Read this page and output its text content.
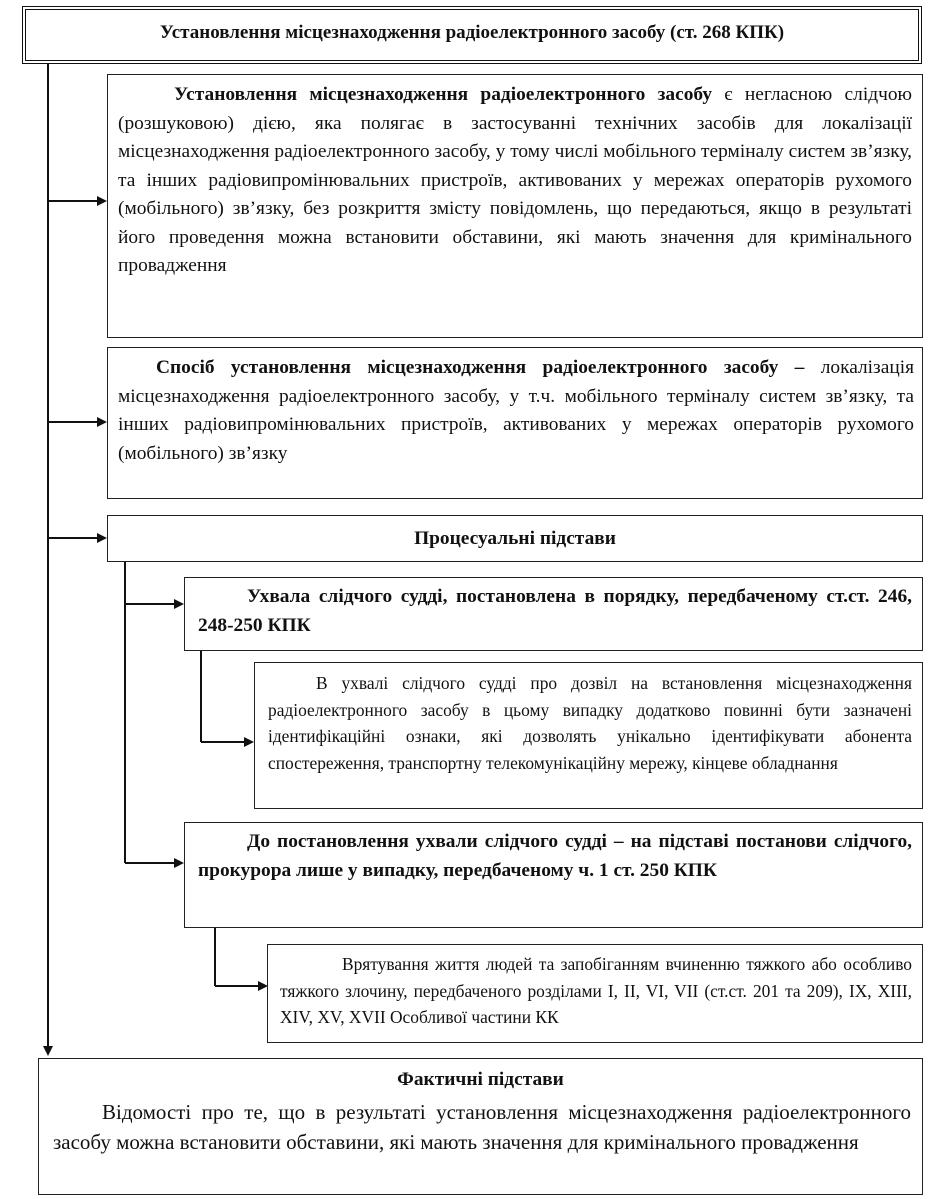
Установлення місцезнаходження радіоелектронного засобу (ст. 268 КПК)
Установлення місцезнаходження радіоелектронного засобу є негласною слідчою (розшуковою) дією, яка полягає в застосуванні технічних засобів для локалізації місцезнаходження радіоелектронного засобу, у тому числі мобільного терміналу систем зв’язку, та інших радіовипромінювальних пристроїв, активованих у мережах операторів рухомого (мобільного) зв’язку, без розкриття змісту повідомлень, що передаються, якщо в результаті його проведення можна встановити обставини, які мають значення для кримінального провадження
Спосіб установлення місцезнаходження радіоелектронного засобу – локалізація місцезнаходження радіоелектронного засобу, у т.ч. мобільного терміналу систем зв’язку, та інших радіовипромінювальних пристроїв, активованих у мережах операторів рухомого (мобільного) зв’язку
Процесуальні підстави
Ухвала слідчого судді, постановлена в порядку, передбаченому ст.ст. 246, 248-250 КПК
В ухвалі слідчого судді про дозвіл на встановлення місцезнаходження радіоелектронного засобу в цьому випадку додатково повинні бути зазначені ідентифікаційні ознаки, які дозволять унікально ідентифікувати абонента спостереження, транспортну телекомунікаційну мережу, кінцеве обладнання
До постановлення ухвали слідчого судді – на підставі постанови слідчого, прокурора лише у випадку, передбаченому ч. 1 ст. 250 КПК
Врятування життя людей та запобіганням вчиненню тяжкого або особливо тяжкого злочину, передбаченого розділами I, II, VI, VII (ст.ст. 201 та 209), IX, XIII, XIV, XV, XVII Особливої частини КК
Фактичні підстави
Відомості про те, що в результаті установлення місцезнаходження радіоелектронного засобу можна встановити обставини, які мають значення для кримінального провадження
